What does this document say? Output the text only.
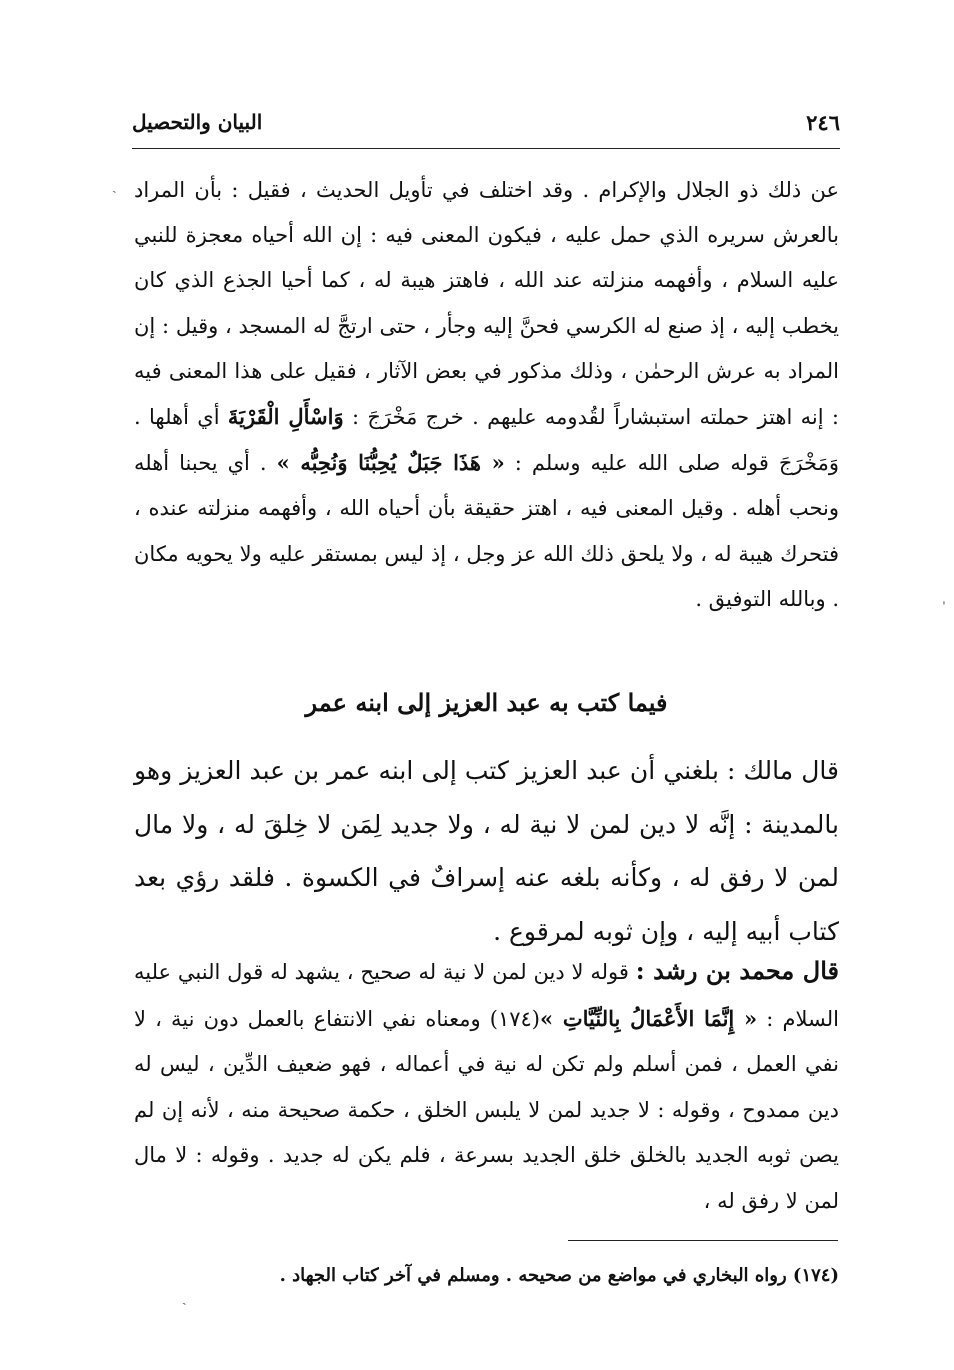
٢٤٦
البيان والتحصيل
عن ذلك ذو الجلال والإكرام . وقد اختلف في تأويل الحديث ، فقيل : بأن المراد بالعرش سريره الذي حمل عليه ، فيكون المعنى فيه : إن الله أحياه معجزة للنبي عليه السلام ، وأفهمه منزلته عند الله ، فاهتز هيبة له ، كما أحيا الجذع الذي كان يخطب إليه ، إذ صنع له الكرسي فحنَّ إليه وجأر ، حتى ارتجَّ له المسجد ، وقيل : إن المراد به عرش الرحمٰن ، وذلك مذكور في بعض الآثار ، فقيل على هذا المعنى فيه : إنه اهتز حملته استبشاراً لقُدومه عليهم . خرج مَخْرَجَ : وَاسْأَلِ الْقَرْيَةَ أي أهلها . وَمَخْرَجَ قوله صلى الله عليه وسلم : « هَذَا جَبَلٌ يُحِبُّنَا وَنُحِبُّه » . أي يحبنا أهله ونحب أهله . وقيل المعنى فيه ، اهتز حقيقة بأن أحياه الله ، وأفهمه منزلته عنده ، فتحرك هيبة له ، ولا يلحق ذلك الله عز وجل ، إذ ليس بمستقر عليه ولا يحويه مكان . وبالله التوفيق .
فيما كتب به عبد العزيز إلى ابنه عمر
قال مالك : بلغني أن عبد العزيز كتب إلى ابنه عمر بن عبد العزيز وهو بالمدينة : إنَّه لا دين لمن لا نية له ، ولا جديد لِمَن لا خِلقَ له ، ولا مال لمن لا رفق له ، وكأنه بلغه عنه إسرافٌ في الكسوة . فلقد رؤي بعد كتاب أبيه إليه ، وإن ثوبه لمرقوع .
قال محمد بن رشد : قوله لا دين لمن لا نية له صحيح ، يشهد له قول النبي عليه السلام : « إِنَّمَا الأَعْمَالُ بِالنِّيَّاتِ »(١٧٤) ومعناه نفي الانتفاع بالعمل دون نية ، لا نفي العمل ، فمن أسلم ولم تكن له نية في أعماله ، فهو ضعيف الدِّين ، ليس له دين ممدوح ، وقوله : لا جديد لمن لا يلبس الخلق ، حكمة صحيحة منه ، لأنه إن لم يصن ثوبه الجديد بالخلق خلق الجديد بسرعة ، فلم يكن له جديد . وقوله : لا مال لمن لا رفق له ،
(١٧٤) رواه البخاري في مواضع من صحيحه . ومسلم في آخر كتاب الجهاد .
ˏ
ˈ
ˎ
